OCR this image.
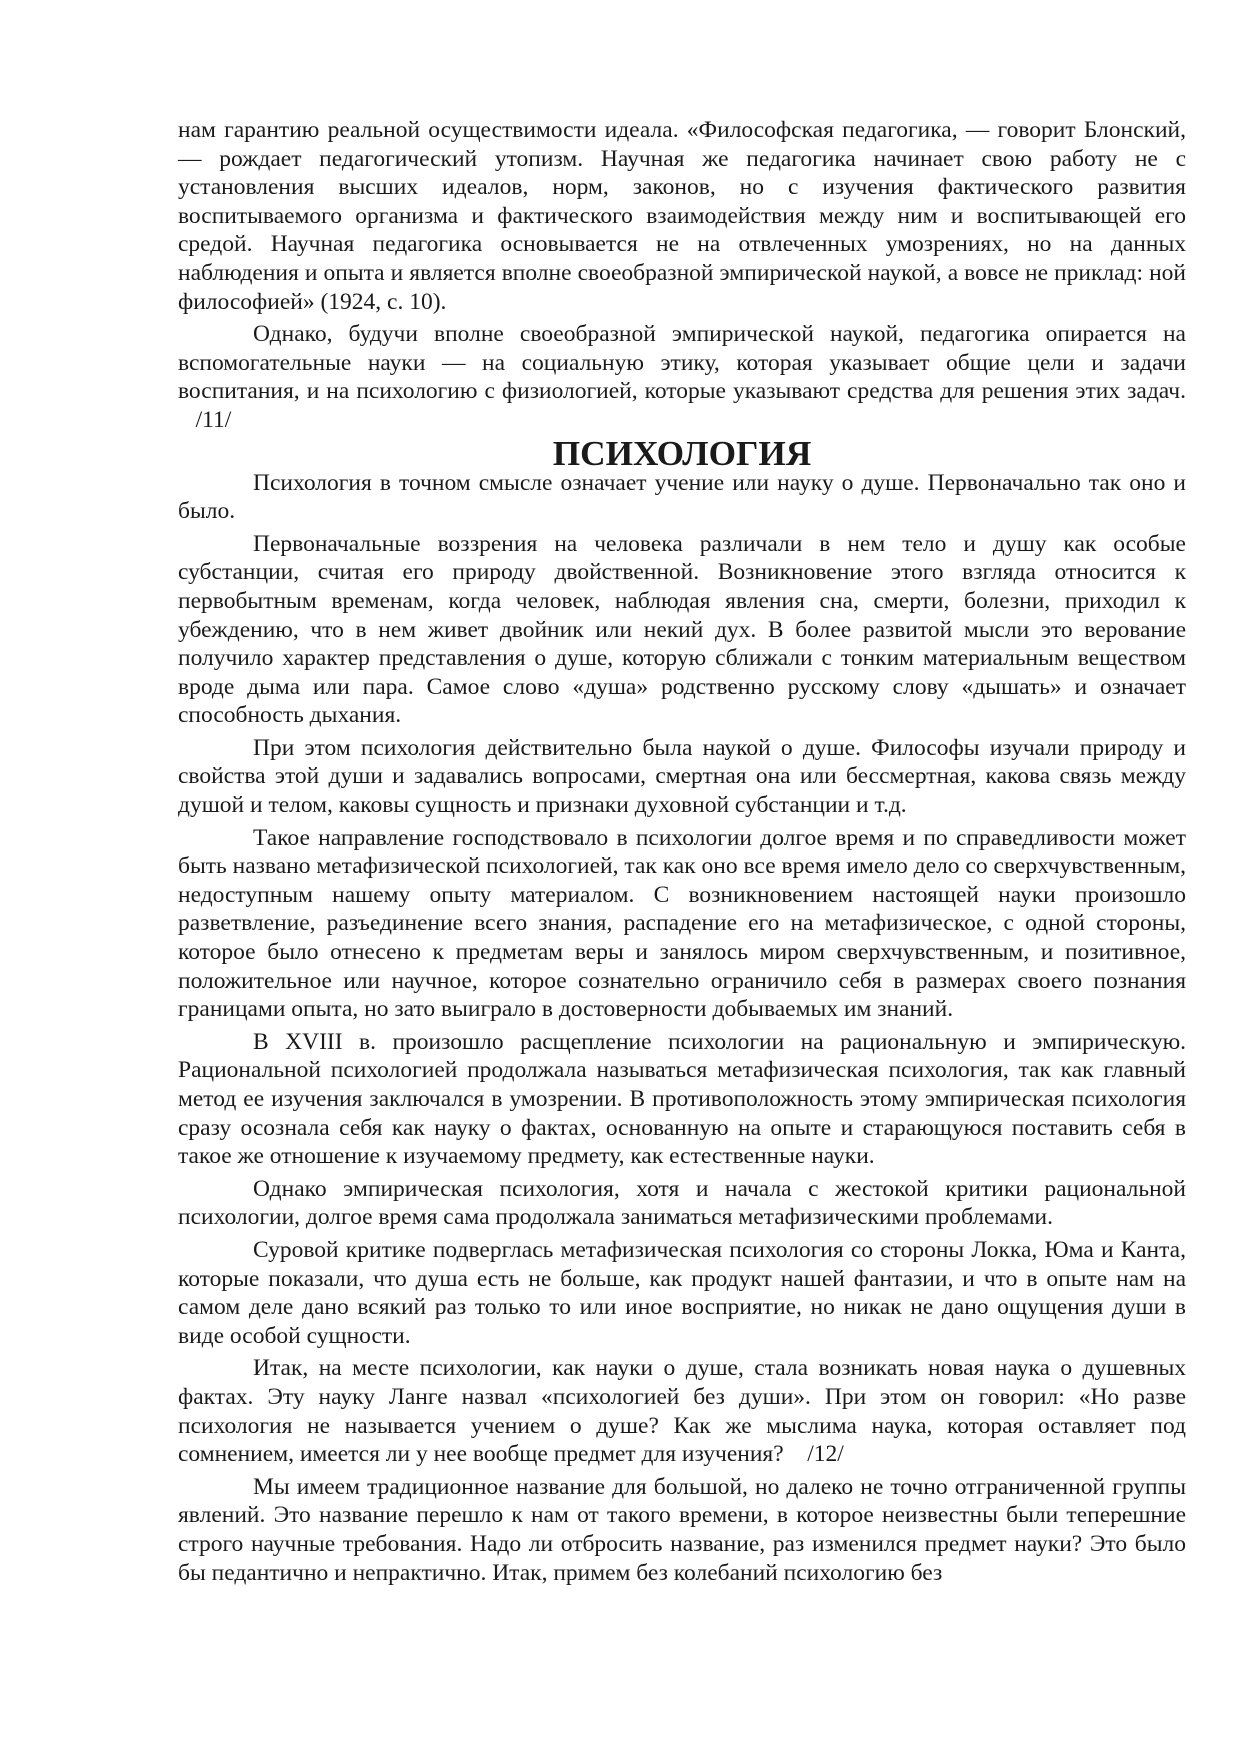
нам гарантию реальной осуществимости идеала. «Философская педагогика, — говорит Блонский, — рождает педагогический утопизм. Научная же педагогика начинает свою работу не с установления высших идеалов, норм, законов, но с изучения фактического развития воспитываемого организма и фактического взаимодействия между ним и воспитывающей его средой. Научная педагогика основывается не на отвлеченных умозрениях, но на данных наблюдения и опыта и является вполне своеобразной эмпирической наукой, а вовсе не приклад: ной философией» (1924, с. 10).

Однако, будучи вполне своеобразной эмпирической наукой, педагогика опирается на вспомогательные науки — на социальную этику, которая указывает общие цели и задачи воспитания, и на психологию с физиологией, которые указывают средства для решения этих задач.   /11/

ПСИХОЛОГИЯ

Психология в точном смысле означает учение или науку о душе. Первоначально так оно и было.

Первоначальные воззрения на человека различали в нем тело и душу как особые субстанции, считая его природу двойственной. Возникновение этого взгляда относится к первобытным временам, когда человек, наблюдая явления сна, смерти, болезни, приходил к убеждению, что в нем живет двойник или некий дух. В более развитой мысли это верование получило характер представления о душе, которую сближали с тонким материальным веществом вроде дыма или пара. Самое слово «душа» родственно русскому слову «дышать» и означает способность дыхания.

При этом психология действительно была наукой о душе. Философы изучали природу и свойства этой души и задавались вопросами, смертная она или бессмертная, какова связь между душой и телом, каковы сущность и признаки духовной субстанции и т.д.

Такое направление господствовало в психологии долгое время и по справедливости может быть названо метафизической психологией, так как оно все время имело дело со сверхчувственным, недоступным нашему опыту материалом. С возникновением настоящей науки произошло разветвление, разъединение всего знания, распадение его на метафизическое, с одной стороны, которое было отнесено к предметам веры и занялось миром сверхчувственным, и позитивное, положительное или научное, которое сознательно ограничило себя в размерах своего познания границами опыта, но зато выиграло в достоверности добываемых им знаний.

В XVIII в. произошло расщепление психологии на рациональную и эмпирическую. Рациональной психологией продолжала называться метафизическая психология, так как главный метод ее изучения заключался в умозрении. В противоположность этому эмпирическая психология сразу осознала себя как науку о фактах, основанную на опыте и старающуюся поставить себя в такое же отношение к изучаемому предмету, как естественные науки.

Однако эмпирическая психология, хотя и начала с жестокой критики рациональной психологии, долгое время сама продолжала заниматься метафизическими проблемами.

Суровой критике подверглась метафизическая психология со стороны Локка, Юма и Канта, которые показали, что душа есть не больше, как продукт нашей фантазии, и что в опыте нам на самом деле дано всякий раз только то или иное восприятие, но никак не дано ощущения души в виде особой сущности.

Итак, на месте психологии, как науки о душе, стала возникать новая наука о душевных фактах. Эту науку Ланге назвал «психологией без души». При этом он говорил: «Но разве психология не называется учением о душе? Как же мыслима наука, которая оставляет под сомнением, имеется ли у нее вообще предмет для изучения?    /12/

Мы имеем традиционное название для большой, но далеко не точно отграниченной группы явлений. Это название перешло к нам от такого времени, в которое неизвестны были теперешние строго научные требования. Надо ли отбросить название, раз изменился предмет науки? Это было бы педантично и непрактично. Итак, примем без колебаний психологию без
